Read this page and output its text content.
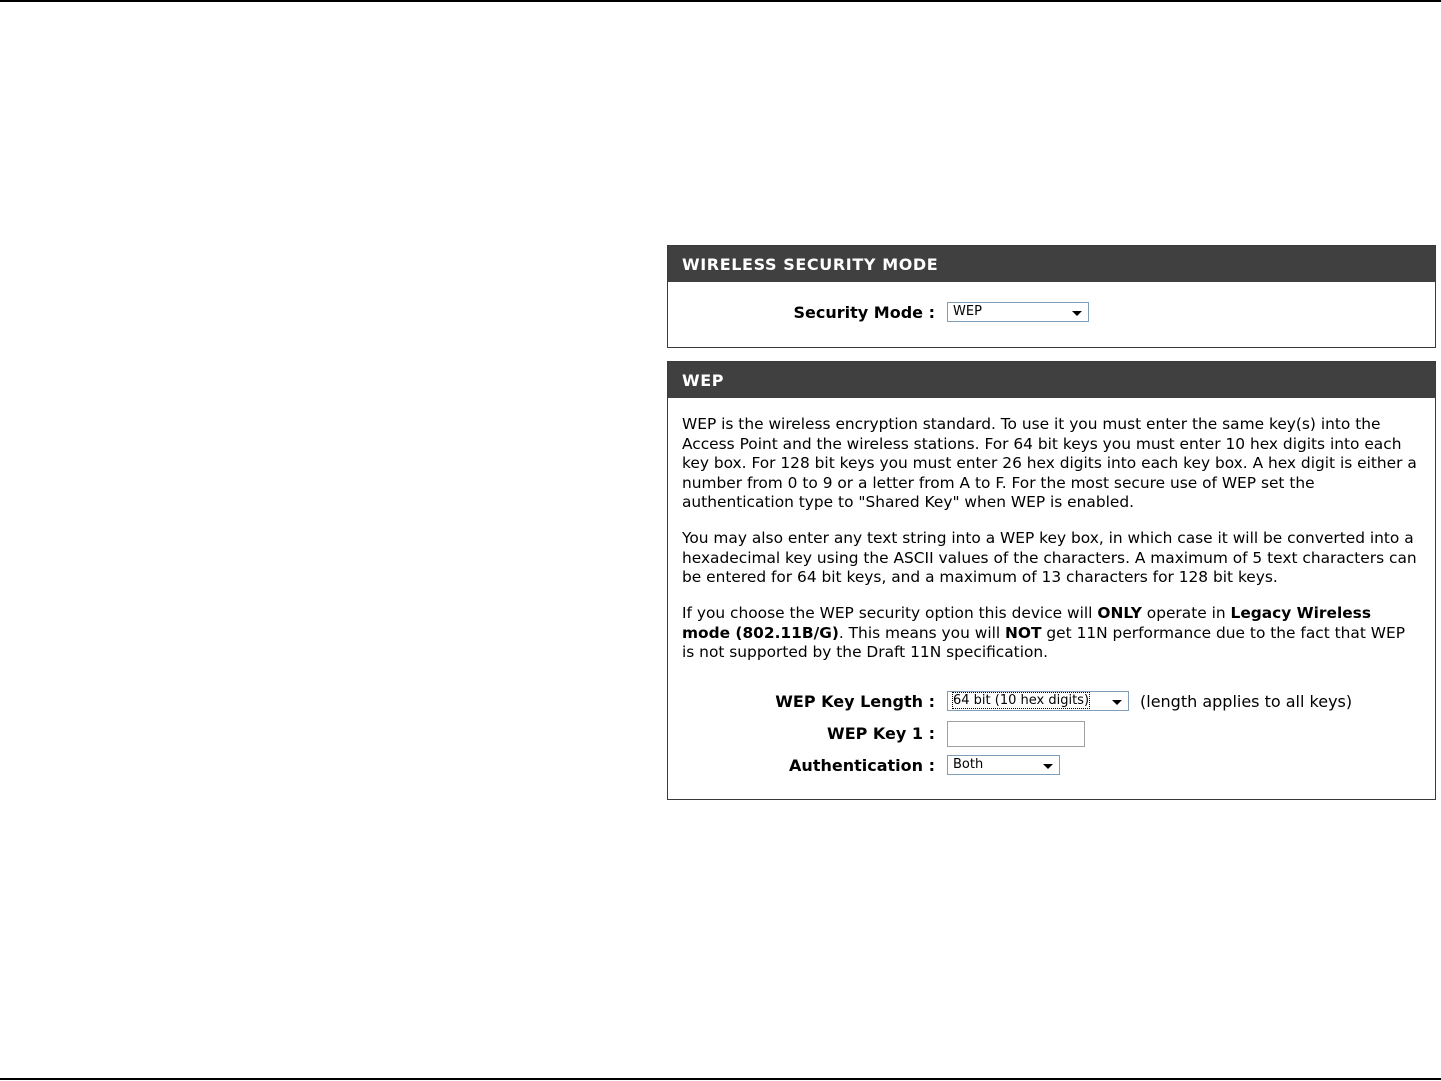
WIRELESS SECURITY MODE
Security Mode :	WEP
WEP

WEP is the wireless encryption standard. To use it you must enter the same key(s) into the Access Point and the wireless stations. For 64 bit keys you must enter 10 hex digits into each key box. For 128 bit keys you must enter 26 hex digits into each key box. A hex digit is either a number from 0 to 9 or a letter from A to F. For the most secure use of WEP set the authentication type to "Shared Key" when WEP is enabled.

You may also enter any text string into a WEP key box, in which case it will be converted into a hexadecimal key using the ASCII values of the characters. A maximum of 5 text characters can be entered for 64 bit keys, and a maximum of 13 characters for 128 bit keys.

If you choose the WEP security option this device will ONLY operate in Legacy Wireless mode (802.11B/G). This means you will NOT get 11N performance due to the fact that WEP is not supported by the Draft 11N specification.

WEP Key Length :	64 bit (10 hex digits)	(length applies to all keys)
WEP Key 1 :
Authentication :	Both
